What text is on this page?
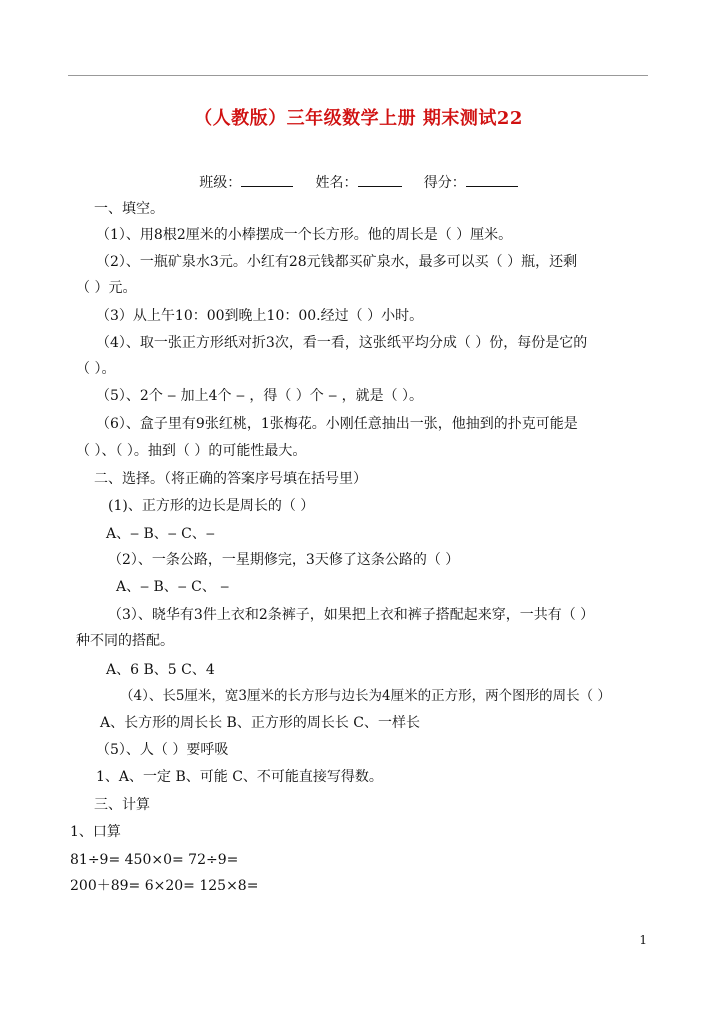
（人教版）三年级数学上册 期末测试22
班级：	姓名：	得分：
一、填空。
（1）、用8根2厘米的小棒摆成一个长方形。他的周长是（ ）厘米。
（2）、一瓶矿泉水3元。小红有28元钱都买矿泉水，最多可以买（ ）瓶，还剩
（ ）元。
（3）从上午10：00到晚上10：00.经过（ ）小时。
（4）、取一张正方形纸对折3次，看一看，这张纸平均分成（ ）份，每份是它的
（ ）。
（5）、2个 ‒ 加上4个 ‒ ，得（ ）个 ‒ ，就是（ ）。
（6）、盒子里有9张红桃，1张梅花。小刚任意抽出一张，他抽到的扑克可能是
（ ）、（ ）。抽到（ ）的可能性最大。
二、选择。（将正确的答案序号填在括号里）
(1)、正方形的边长是周长的（ ）
A、‒ B、‒ C、‒
（2）、一条公路，一星期修完，3天修了这条公路的（ ）
A、‒ B、‒ C、 ‒
（3）、晓华有3件上衣和2条裤子，如果把上衣和裤子搭配起来穿，一共有（ ）
种不同的搭配。
A、6 B、5 C、4
（4）、长5厘米，宽3厘米的长方形与边长为4厘米的正方形，两个图形的周长（ ）
A、长方形的周长长 B、正方形的周长长 C、一样长
（5）、人（ ）要呼吸
1、A、一定 B、可能 C、不可能直接写得数。
三、计算
1、口算
81÷9= 450×0= 72÷9=
200＋89= 6×20= 125×8=
1
